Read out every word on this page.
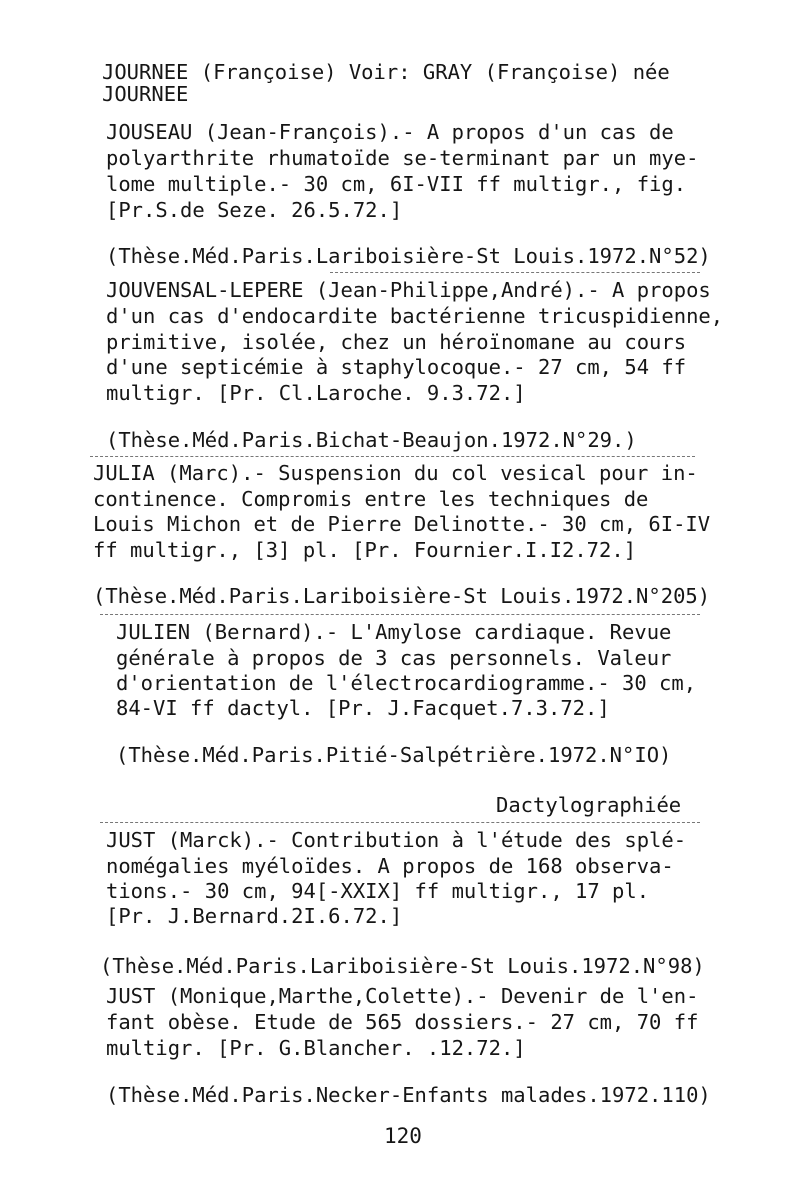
JOURNEE (Françoise) Voir: GRAY (Françoise) née
JOURNEE
JOUSEAU (Jean-François).- A propos d'un cas de
polyarthrite rhumatoïde se-terminant par un mye-
lome multiple.- 30 cm, 6I-VII ff multigr., fig.
[Pr.S.de Seze. 26.5.72.]
(Thèse.Méd.Paris.Lariboisière-St Louis.1972.N°52)
JOUVENSAL-LEPERE (Jean-Philippe,André).- A propos
d'un cas d'endocardite bactérienne tricuspidienne,
primitive, isolée, chez un héroïnomane au cours
d'une septicémie à staphylocoque.- 27 cm, 54 ff
multigr. [Pr. Cl.Laroche. 9.3.72.]
(Thèse.Méd.Paris.Bichat-Beaujon.1972.N°29.)
JULIA (Marc).- Suspension du col vesical pour in-
continence. Compromis entre les techniques de
Louis Michon et de Pierre Delinotte.- 30 cm, 6I-IV
ff multigr., [3] pl. [Pr. Fournier.I.I2.72.]
(Thèse.Méd.Paris.Lariboisière-St Louis.1972.N°205)
JULIEN (Bernard).- L'Amylose cardiaque. Revue
générale à propos de 3 cas personnels. Valeur
d'orientation de l'électrocardiogramme.- 30 cm,
84-VI ff dactyl. [Pr. J.Facquet.7.3.72.]
(Thèse.Méd.Paris.Pitié-Salpétrière.1972.N°IO)
Dactylographiée
JUST (Marck).- Contribution à l'étude des splé-
nomégalies myéloïdes. A propos de 168 observa-
tions.- 30 cm, 94[-XXIX] ff multigr., 17 pl.
[Pr. J.Bernard.2I.6.72.]
(Thèse.Méd.Paris.Lariboisière-St Louis.1972.N°98)
JUST (Monique,Marthe,Colette).- Devenir de l'en-
fant obèse. Etude de 565 dossiers.- 27 cm, 70 ff
multigr. [Pr. G.Blancher. .12.72.]
(Thèse.Méd.Paris.Necker-Enfants malades.1972.110)
120
